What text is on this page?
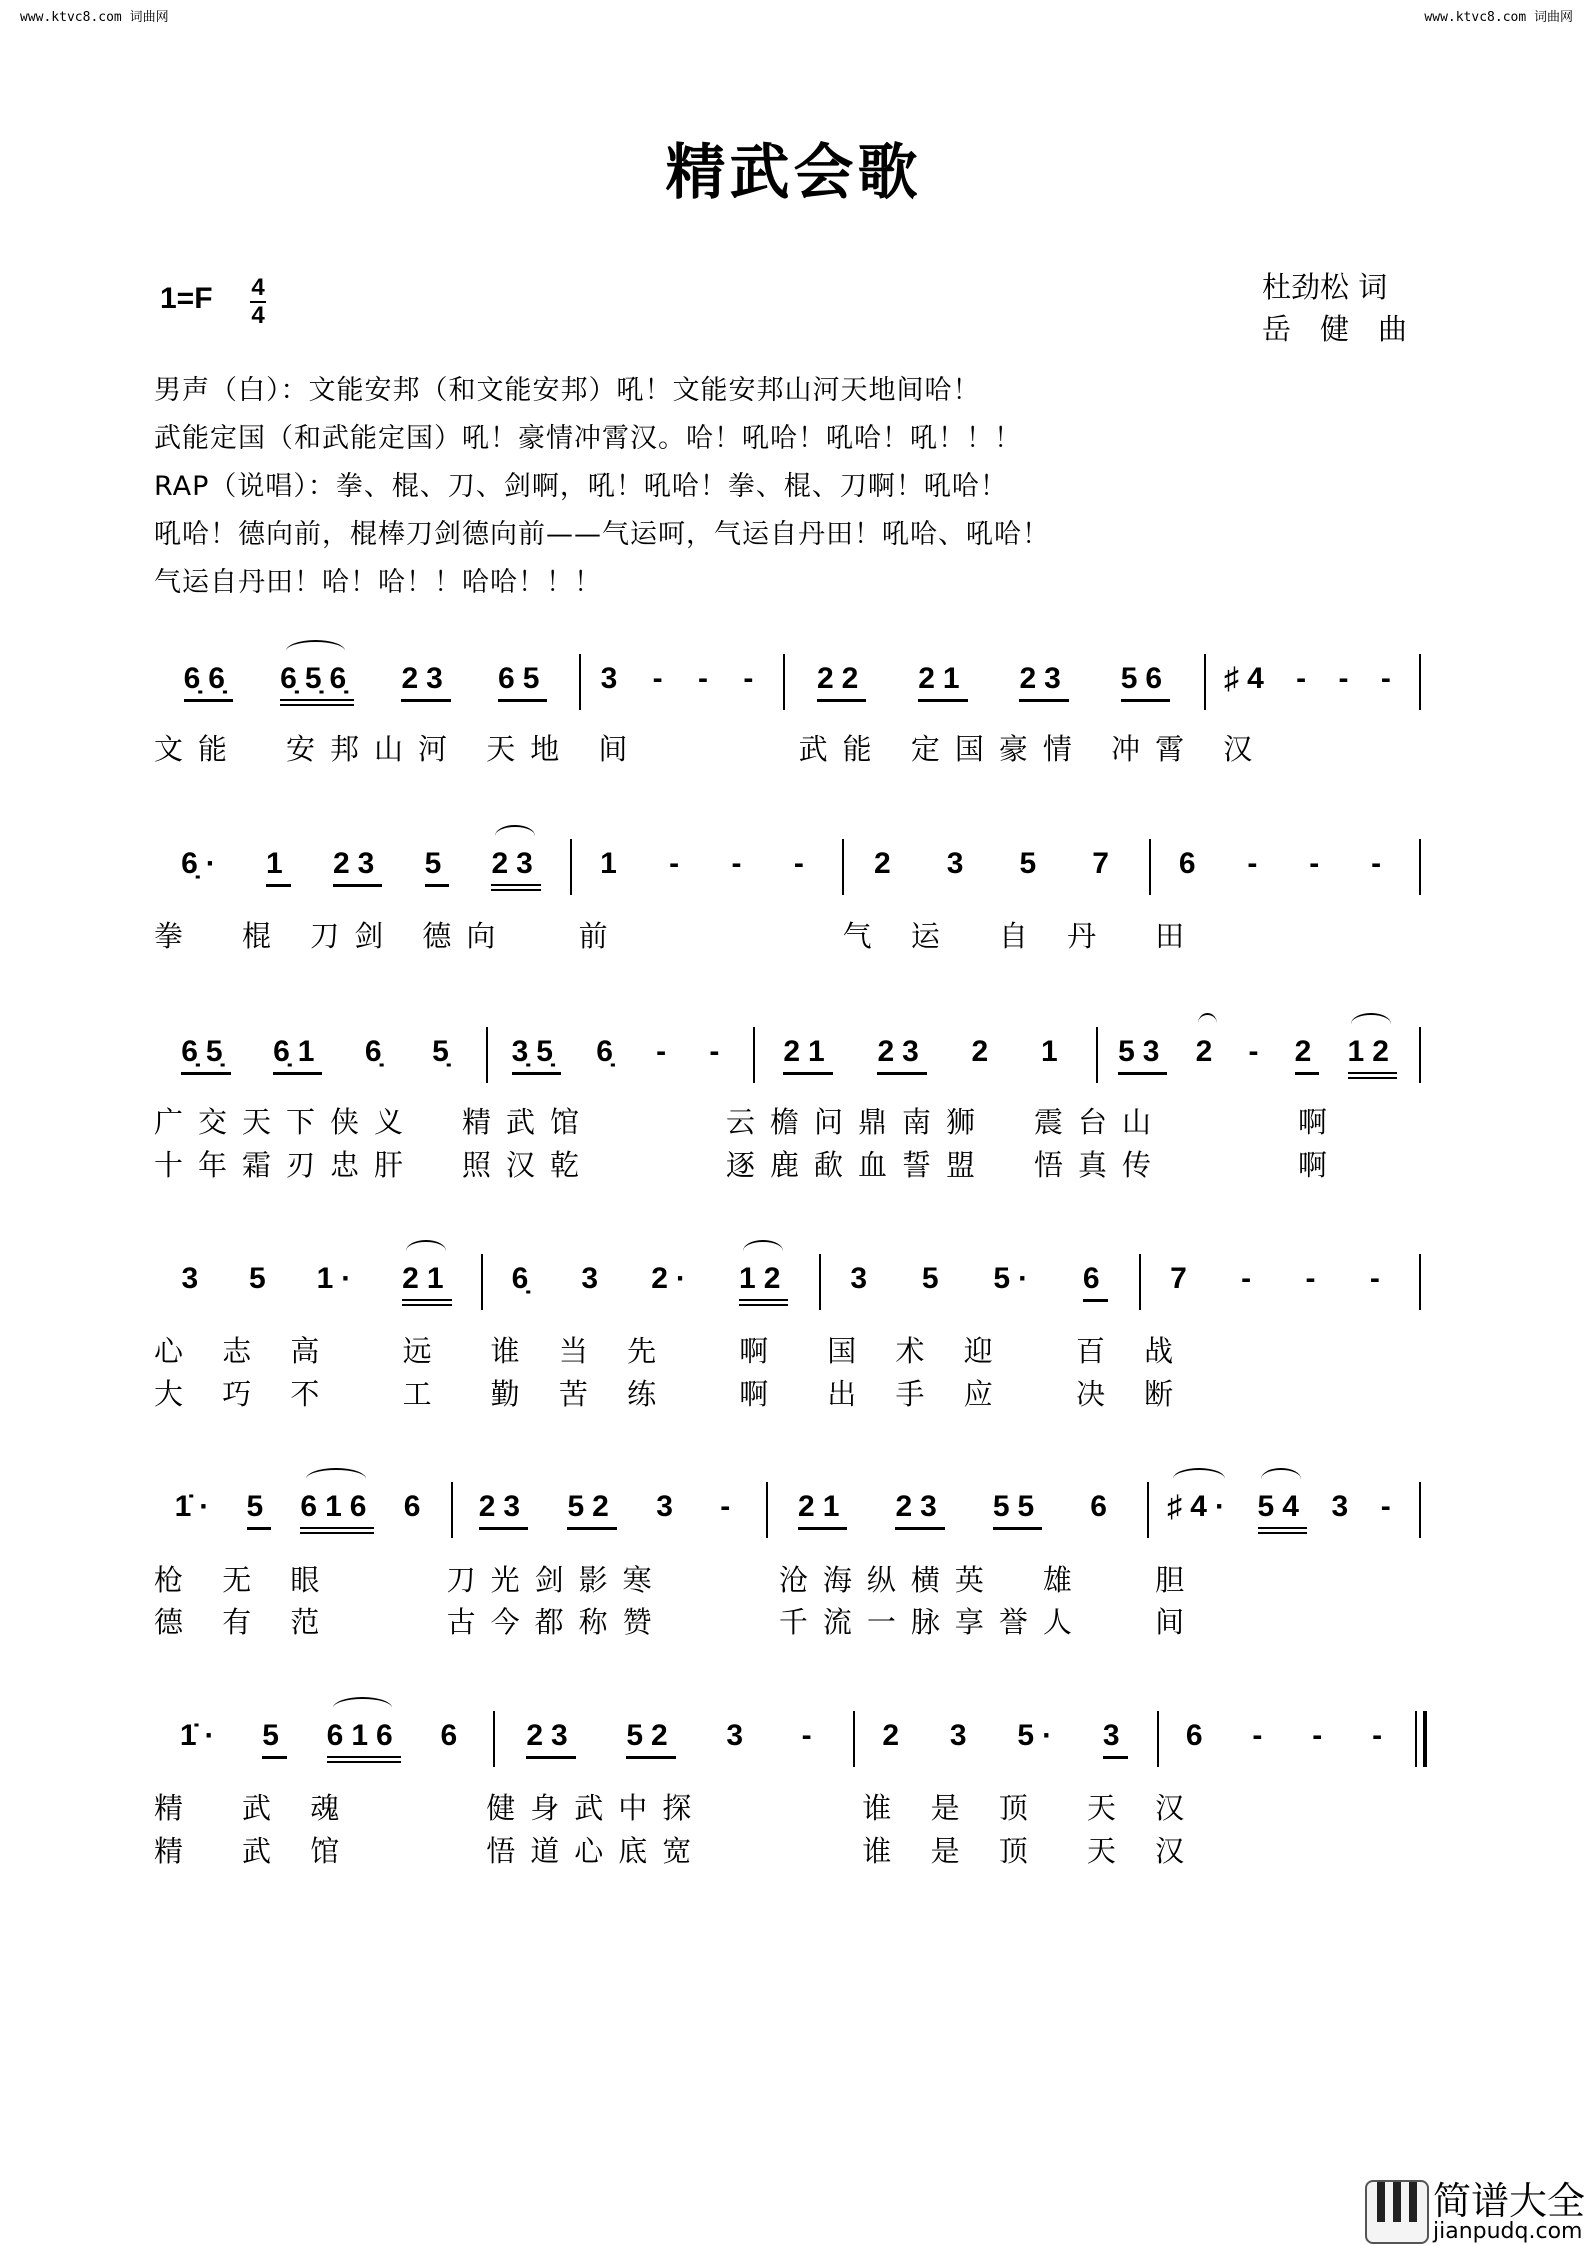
www.ktvc8.com 词曲网	www.ktvc8.com 词曲网
精武会歌
1=F 4
4
杜劲松 词
岳　健　曲
男声（白）：文能安邦（和文能安邦）吼！文能安邦山河天地间哈！
武能定国（和武能定国）吼！豪情冲霄汉。哈！吼哈！吼哈！吼！！！
RAP（说唱）：拳、棍、刀、剑啊，吼！吼哈！拳、棍、刀啊！吼哈！
吼哈！德向前，棍棒刀剑德向前——气运呵，气运自丹田！吼哈、吼哈！
气运自丹田！哈！哈！！哈哈！！！
6̣6̣ 6̣5̣6̣ 23 65 3 - - - 22 21 23 56 ♯4 - - -
文能　安邦山河 天地 间　　　 武能 定国豪情 冲霄 汉
6̣· 1 23 5 23 1 - - - 2 3 5 7 6 - - -
拳　棍 刀剑 德向　 前　　　　　气 运　自 丹　田
6̣5̣ 6̣1 6̣ 5̣ 3̣5̣ 6̣ - - 21 23 2 1 53 2 - 2 12
广交天下侠义　精武馆　　　云檐问鼎南狮　震台山　　　啊
十年霜刃忠肝　照汉乾　　　逐鹿歃血誓盟　悟真传　　　啊
3 5 1· 21 6̣ 3 2· 12 3 5 5· 6 7 - - -
心 志 高　 远　谁 当 先　 啊　国 术 迎　 百 战
大 巧 不　 工　勤 苦 练　 啊　出 手 应　 决 断
1̇· 5 616 6 23 52 3 - 21 23 55 6 ♯4· 54 3 -
枪 无 眼　　 刀光剑影寒　　 沧海纵横英　雄　 胆
德 有 范　　 古今都称赞　　 千流一脉享誉人　 间
1̇· 5 616 6 23 52 3 - 2 3 5· 3 6 - - -
精　武 魂　　　健身武中探　　　 谁 是 顶　天 汉
精　武 馆　　　悟道心底宽　　　 谁 是 顶　天 汉
简谱大全
jianpudq.com
